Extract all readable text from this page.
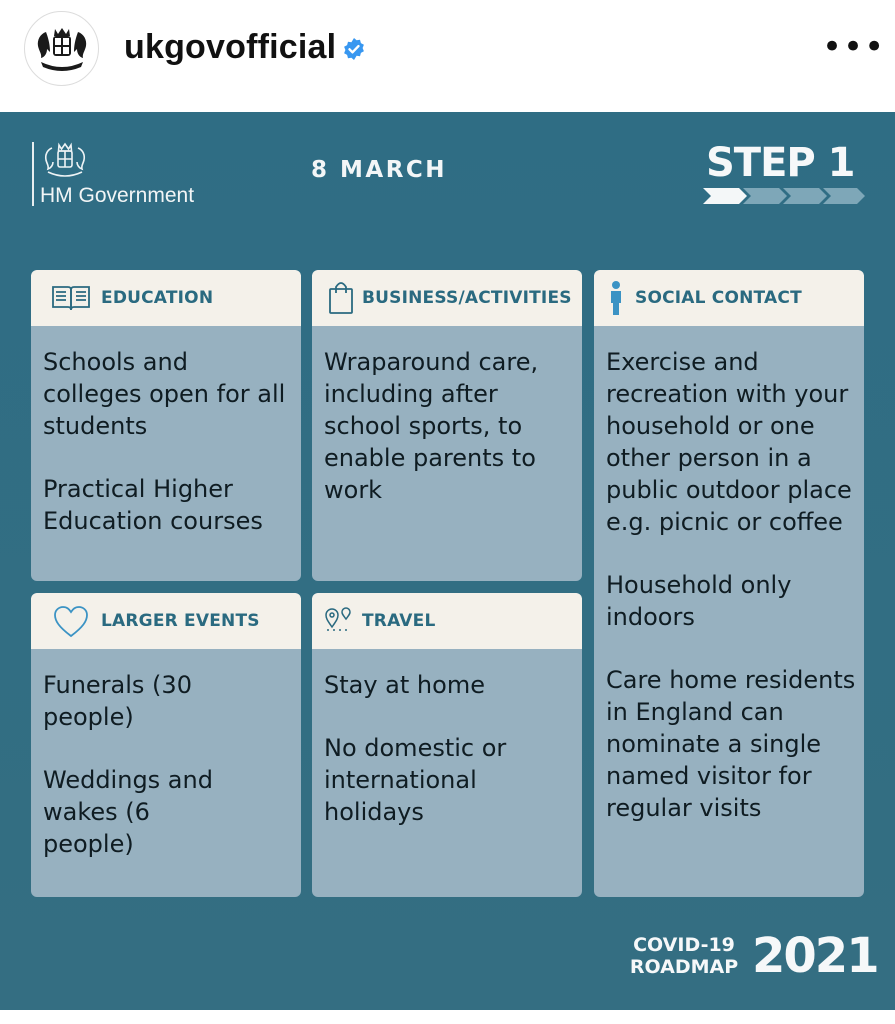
ukgovofficial	•••
HM Government
8 MARCH	STEP 1
EDUCATION

Schools and colleges open for all students

Practical Higher Education courses

BUSINESS/ACTIVITIES

Wraparound care, including after school sports, to enable parents to work

SOCIAL CONTACT

Exercise and recreation with your household or one other person in a public outdoor place e.g. picnic or coffee

Household only indoors

Care home residents in England can nominate a single named visitor for regular visits

LARGER EVENTS

Funerals (30 people)

Weddings and wakes (6 people)

TRAVEL

Stay at home

No domestic or international holidays

COVID-19
ROADMAP 2021
